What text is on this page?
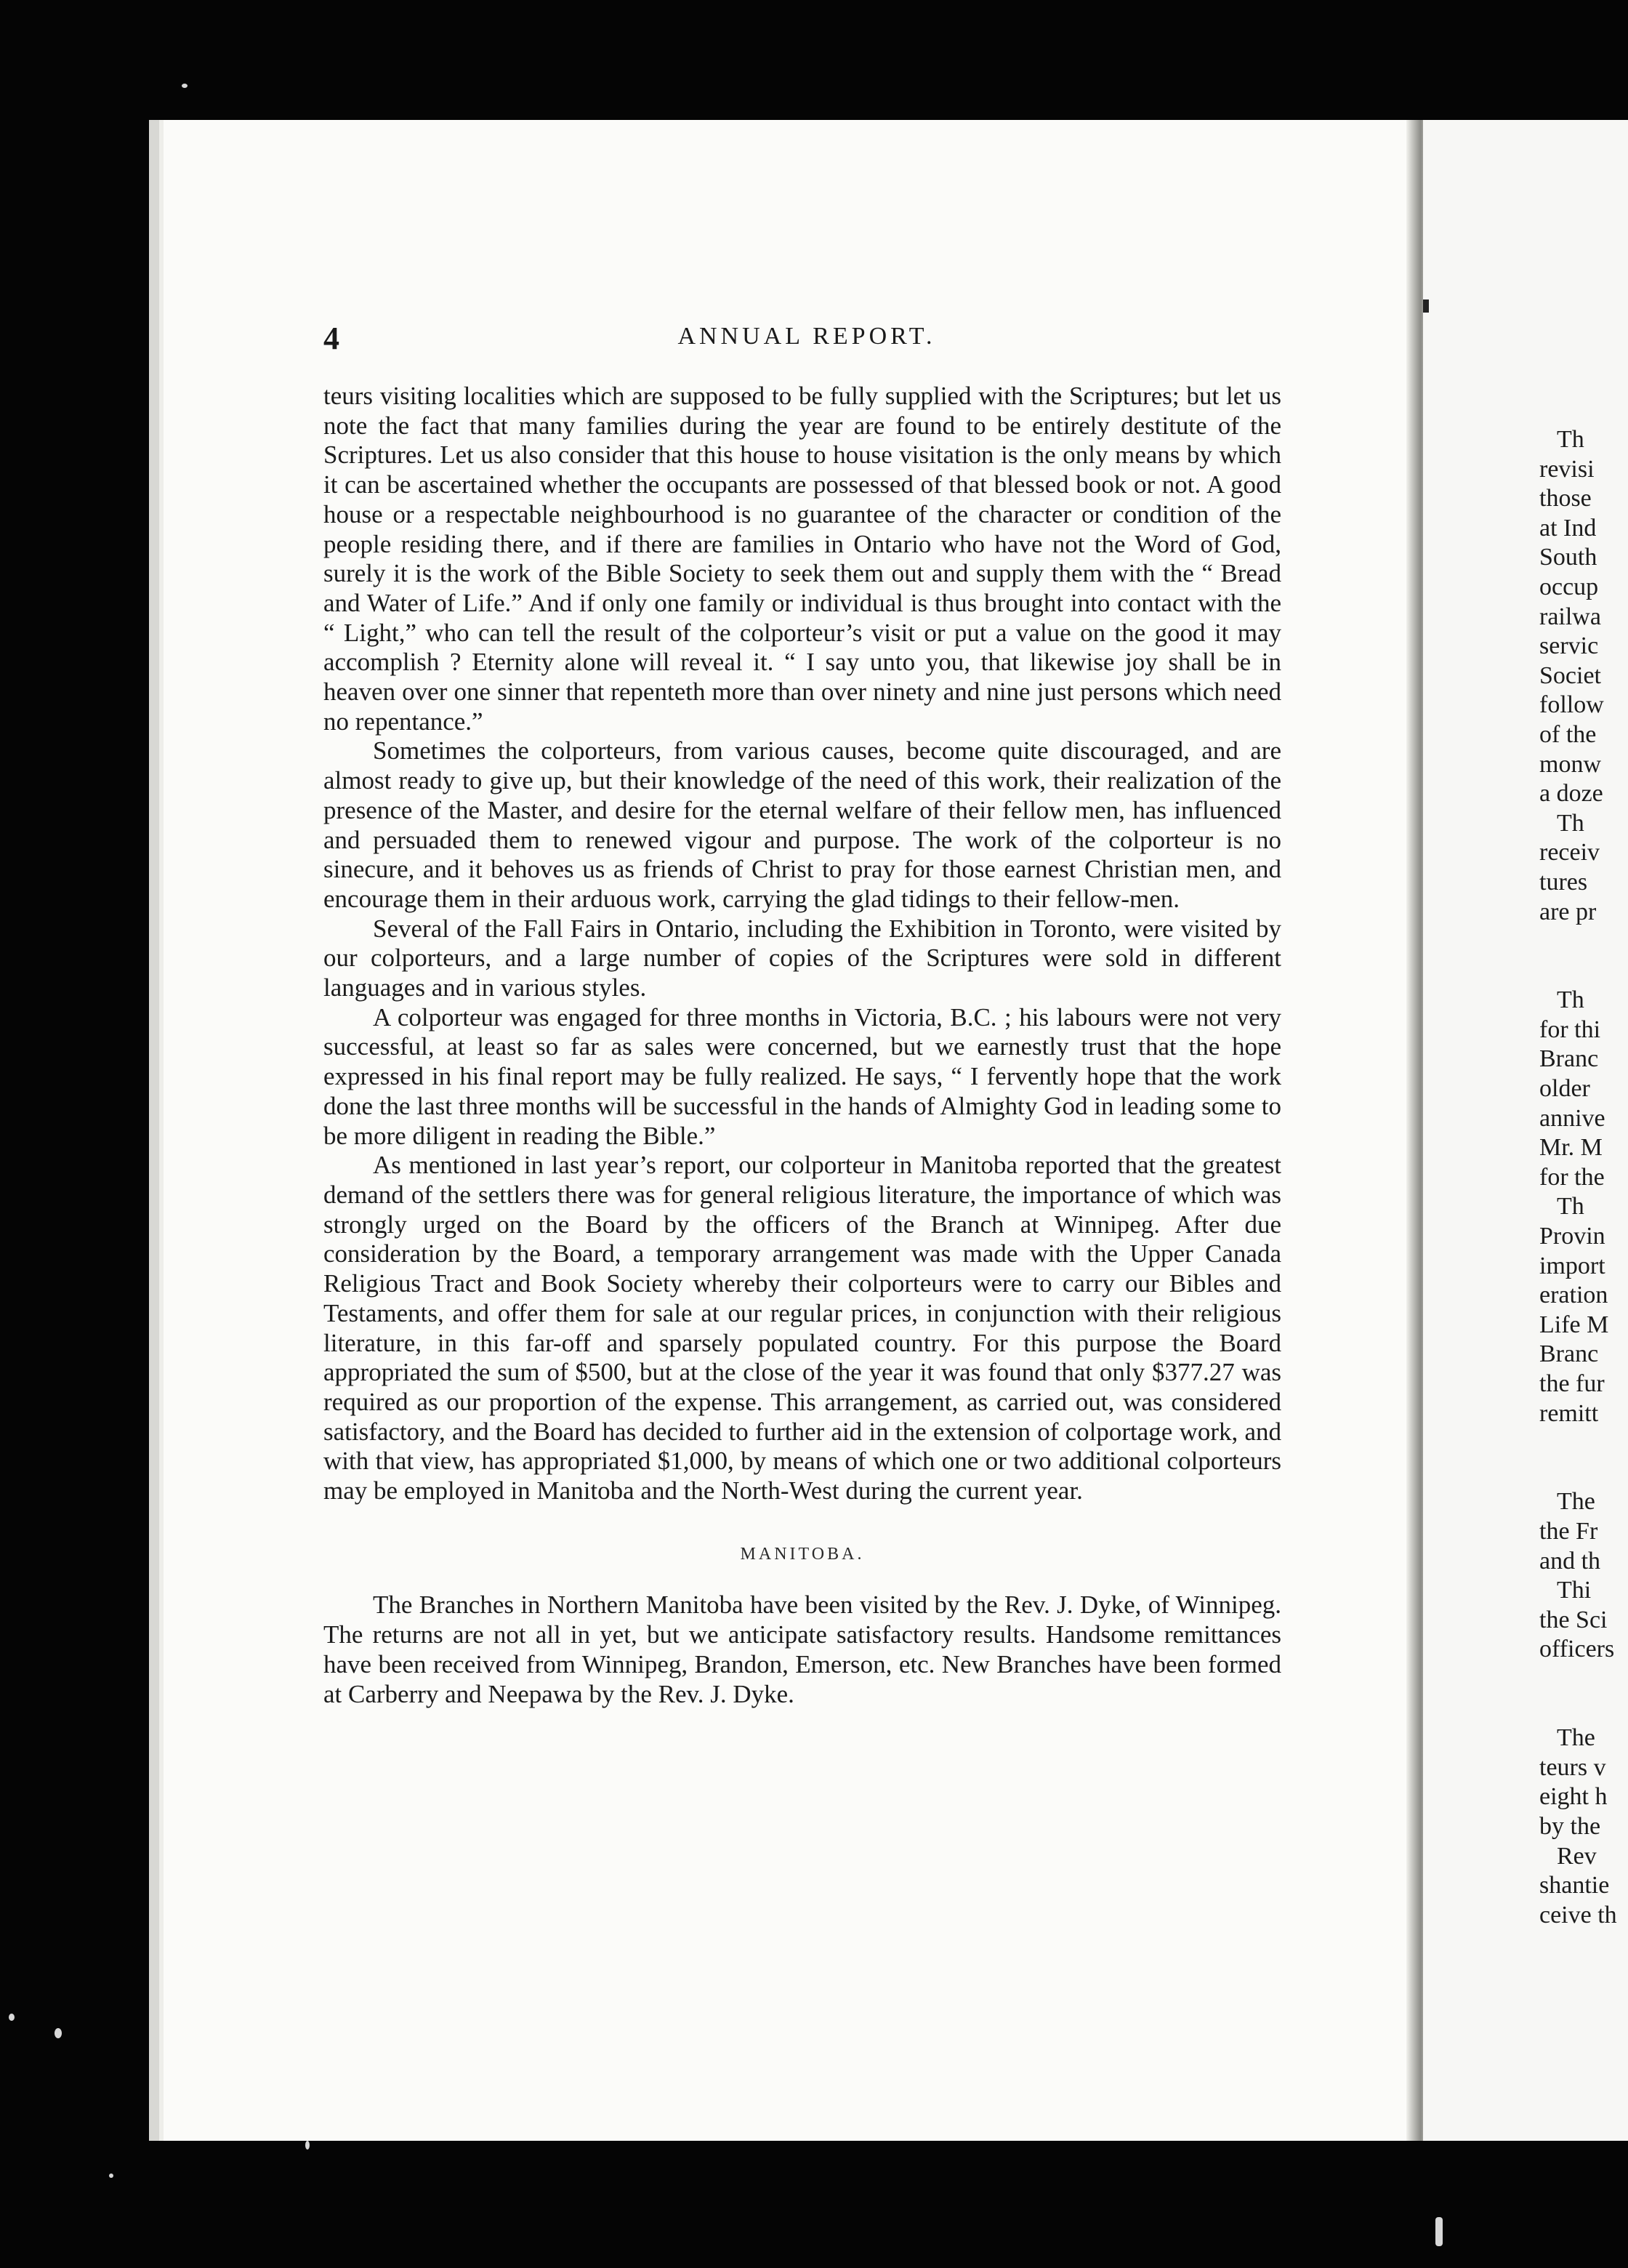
4	ANNUAL REPORT.

teurs visiting localities which are supposed to be fully supplied with the Scriptures; but let us note the fact that many families during the year are found to be entirely destitute of the Scriptures. Let us also consider that this house to house visitation is the only means by which it can be ascertained whether the occupants are possessed of that blessed book or not. A good house or a respectable neighbourhood is no guarantee of the character or condition of the people residing there, and if there are families in Ontario who have not the Word of God, surely it is the work of the Bible Society to seek them out and supply them with the “ Bread and Water of Life.” And if only one family or individual is thus brought into contact with the “ Light,” who can tell the result of the colporteur’s visit or put a value on the good it may accomplish ? Eternity alone will reveal it. “ I say unto you, that likewise joy shall be in heaven over one sinner that repenteth more than over ninety and nine just persons which need no repentance.”

Sometimes the colporteurs, from various causes, become quite discouraged, and are almost ready to give up, but their knowledge of the need of this work, their realization of the presence of the Master, and desire for the eternal welfare of their fellow men, has influenced and persuaded them to renewed vigour and purpose. The work of the colporteur is no sinecure, and it behoves us as friends of Christ to pray for those earnest Christian men, and encourage them in their arduous work, carrying the glad tidings to their fellow-men.

Several of the Fall Fairs in Ontario, including the Exhibition in Toronto, were visited by our colporteurs, and a large number of copies of the Scriptures were sold in different languages and in various styles.

A colporteur was engaged for three months in Victoria, B.C. ; his labours were not very successful, at least so far as sales were concerned, but we earnestly trust that the hope expressed in his final report may be fully realized. He says, “ I fervently hope that the work done the last three months will be successful in the hands of Almighty God in leading some to be more diligent in reading the Bible.”

As mentioned in last year’s report, our colporteur in Manitoba reported that the greatest demand of the settlers there was for general religious literature, the importance of which was strongly urged on the Board by the officers of the Branch at Winnipeg. After due consideration by the Board, a temporary arrangement was made with the Upper Canada Religious Tract and Book Society whereby their colporteurs were to carry our Bibles and Testaments, and offer them for sale at our regular prices, in conjunction with their religious literature, in this far-off and sparsely populated country. For this purpose the Board appropriated the sum of $500, but at the close of the year it was found that only $377.27 was required as our proportion of the expense. This arrangement, as carried out, was considered satisfactory, and the Board has decided to further aid in the extension of colportage work, and with that view, has appropriated $1,000, by means of which one or two additional colporteurs may be employed in Manitoba and the North-West during the current year.

MANITOBA.

The Branches in Northern Manitoba have been visited by the Rev. J. Dyke, of Winnipeg. The returns are not all in yet, but we anticipate satisfactory results. Handsome remittances have been received from Winnipeg, Brandon, Emerson, etc. New Branches have been formed at Carberry and Neepawa by the Rev. J. Dyke.

Th
revisi
those
at Ind
South
occup
railwa
servic
Societ
follow
of the
monw
a doze
Th
receiv
tures
are pr
Th
for thi
Branc
older
annive
Mr. M
for the
Th
Provin
import
eration
Life M
Branc
the fur
remitt
The
the Fr
and th
Thi
the Sci
officers
The
teurs v
eight h
by the
Rev
shantie
ceive th
